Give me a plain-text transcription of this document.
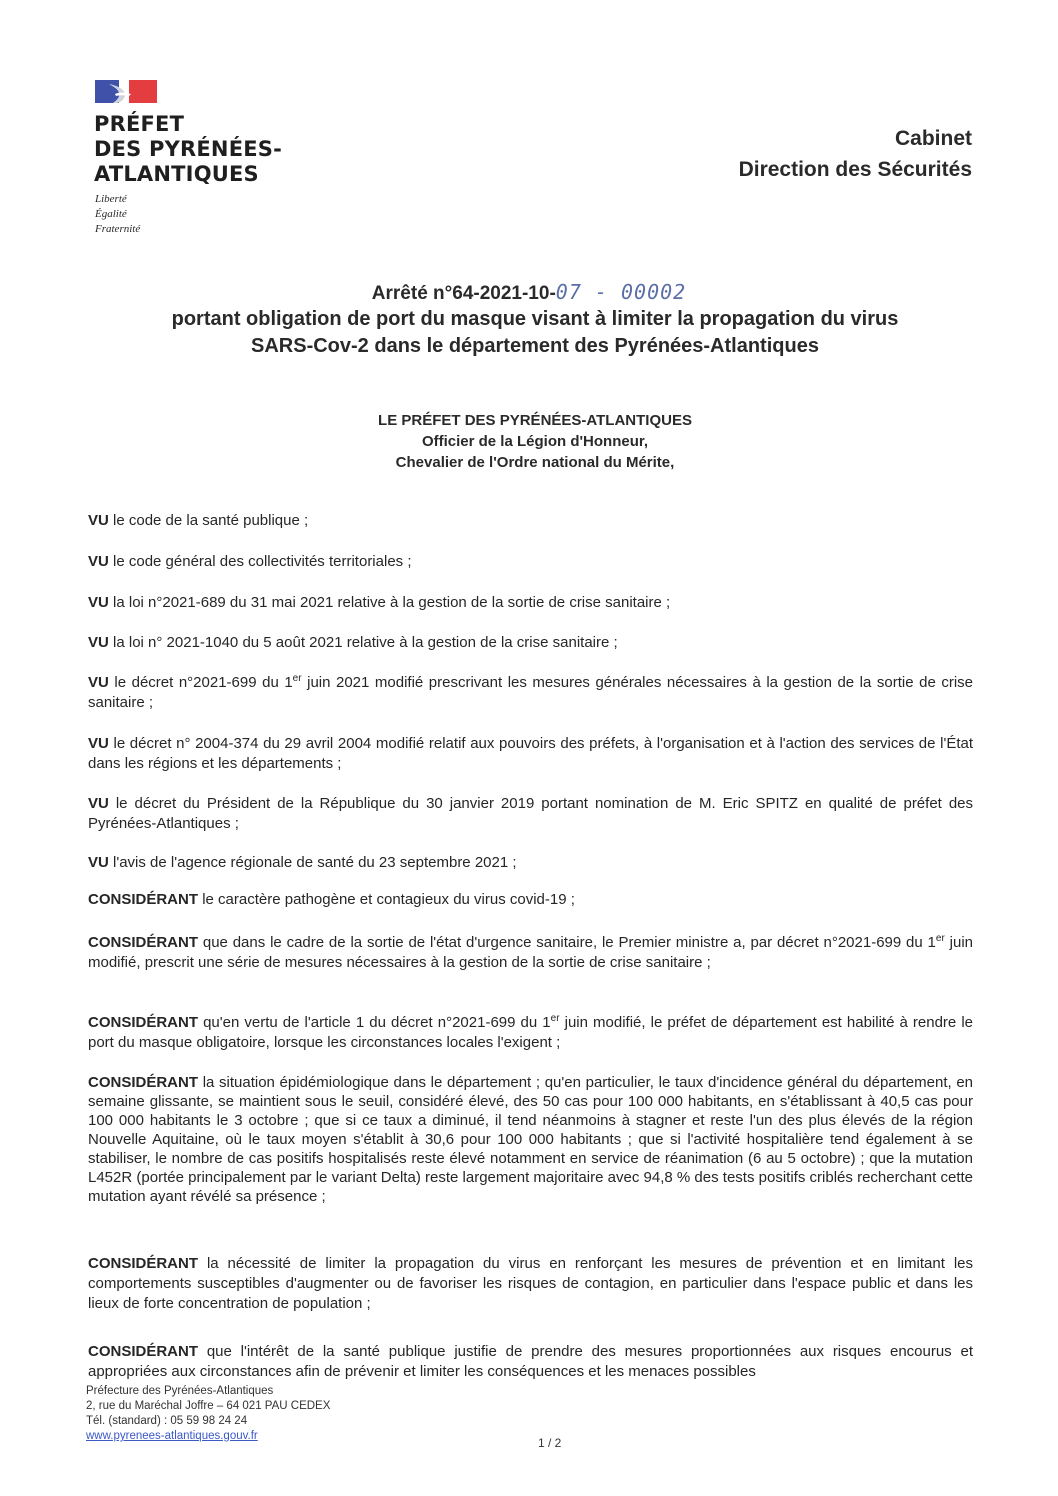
PRÉFET
DES PYRÉNÉES-
ATLANTIQUES
Liberté
Égalité
Fraternité
Cabinet
Direction des Sécurités
Arrêté n°64-2021-10-07 - 00002
portant obligation de port du masque visant à limiter la propagation du virus
SARS-Cov-2 dans le département des Pyrénées-Atlantiques
LE PRÉFET DES PYRÉNÉES-ATLANTIQUES
Officier de la Légion d'Honneur,
Chevalier de l'Ordre national du Mérite,
VU le code de la santé publique ;
VU le code général des collectivités territoriales ;
VU la loi n°2021-689 du 31 mai 2021 relative à la gestion de la sortie de crise sanitaire ;
VU la loi n° 2021-1040 du 5 août 2021 relative à la gestion de la crise sanitaire ;
VU le décret n°2021-699 du 1er juin 2021 modifié prescrivant les mesures générales nécessaires à la gestion de la sortie de crise sanitaire ;
VU le décret n° 2004-374 du 29 avril 2004 modifié relatif aux pouvoirs des préfets, à l'organisation et à l'action des services de l'État dans les régions et les départements ;
VU le décret du Président de la République du 30 janvier 2019 portant nomination de M. Eric SPITZ en qualité de préfet des Pyrénées-Atlantiques ;
VU l'avis de l'agence régionale de santé du 23 septembre 2021 ;
CONSIDÉRANT le caractère pathogène et contagieux du virus covid-19 ;
CONSIDÉRANT que dans le cadre de la sortie de l'état d'urgence sanitaire, le Premier ministre a, par décret n°2021-699 du 1er juin modifié, prescrit une série de mesures nécessaires à la gestion de la sortie de crise sanitaire ;
CONSIDÉRANT qu'en vertu de l'article 1 du décret n°2021-699 du 1er juin modifié, le préfet de département est habilité à rendre le port du masque obligatoire, lorsque les circonstances locales l'exigent ;
CONSIDÉRANT la situation épidémiologique dans le département ; qu'en particulier, le taux d'incidence général du département, en semaine glissante, se maintient sous le seuil, considéré élevé, des 50 cas pour 100 000 habitants, en s'établissant à 40,5 cas pour 100 000 habitants le 3 octobre ; que si ce taux a diminué, il tend néanmoins à stagner et reste l'un des plus élevés de la région Nouvelle Aquitaine, où le taux moyen s'établit à 30,6 pour 100 000 habitants ; que si l'activité hospitalière tend également à se stabiliser, le nombre de cas positifs hospitalisés reste élevé notamment en service de réanimation (6 au 5 octobre) ; que la mutation L452R (portée principalement par le variant Delta) reste largement majoritaire avec 94,8 % des tests positifs criblés recherchant cette mutation ayant révélé sa présence ;
CONSIDÉRANT la nécessité de limiter la propagation du virus en renforçant les mesures de prévention et en limitant les comportements susceptibles d'augmenter ou de favoriser les risques de contagion, en particulier dans l'espace public et dans les lieux de forte concentration de population ;
CONSIDÉRANT que l'intérêt de la santé publique justifie de prendre des mesures proportionnées aux risques encourus et appropriées aux circonstances afin de prévenir et limiter les conséquences et les menaces possibles
Préfecture des Pyrénées-Atlantiques
2, rue du Maréchal Joffre – 64 021 PAU CEDEX
Tél. (standard) : 05 59 98 24 24
www.pyrenees-atlantiques.gouv.fr	1 / 2
